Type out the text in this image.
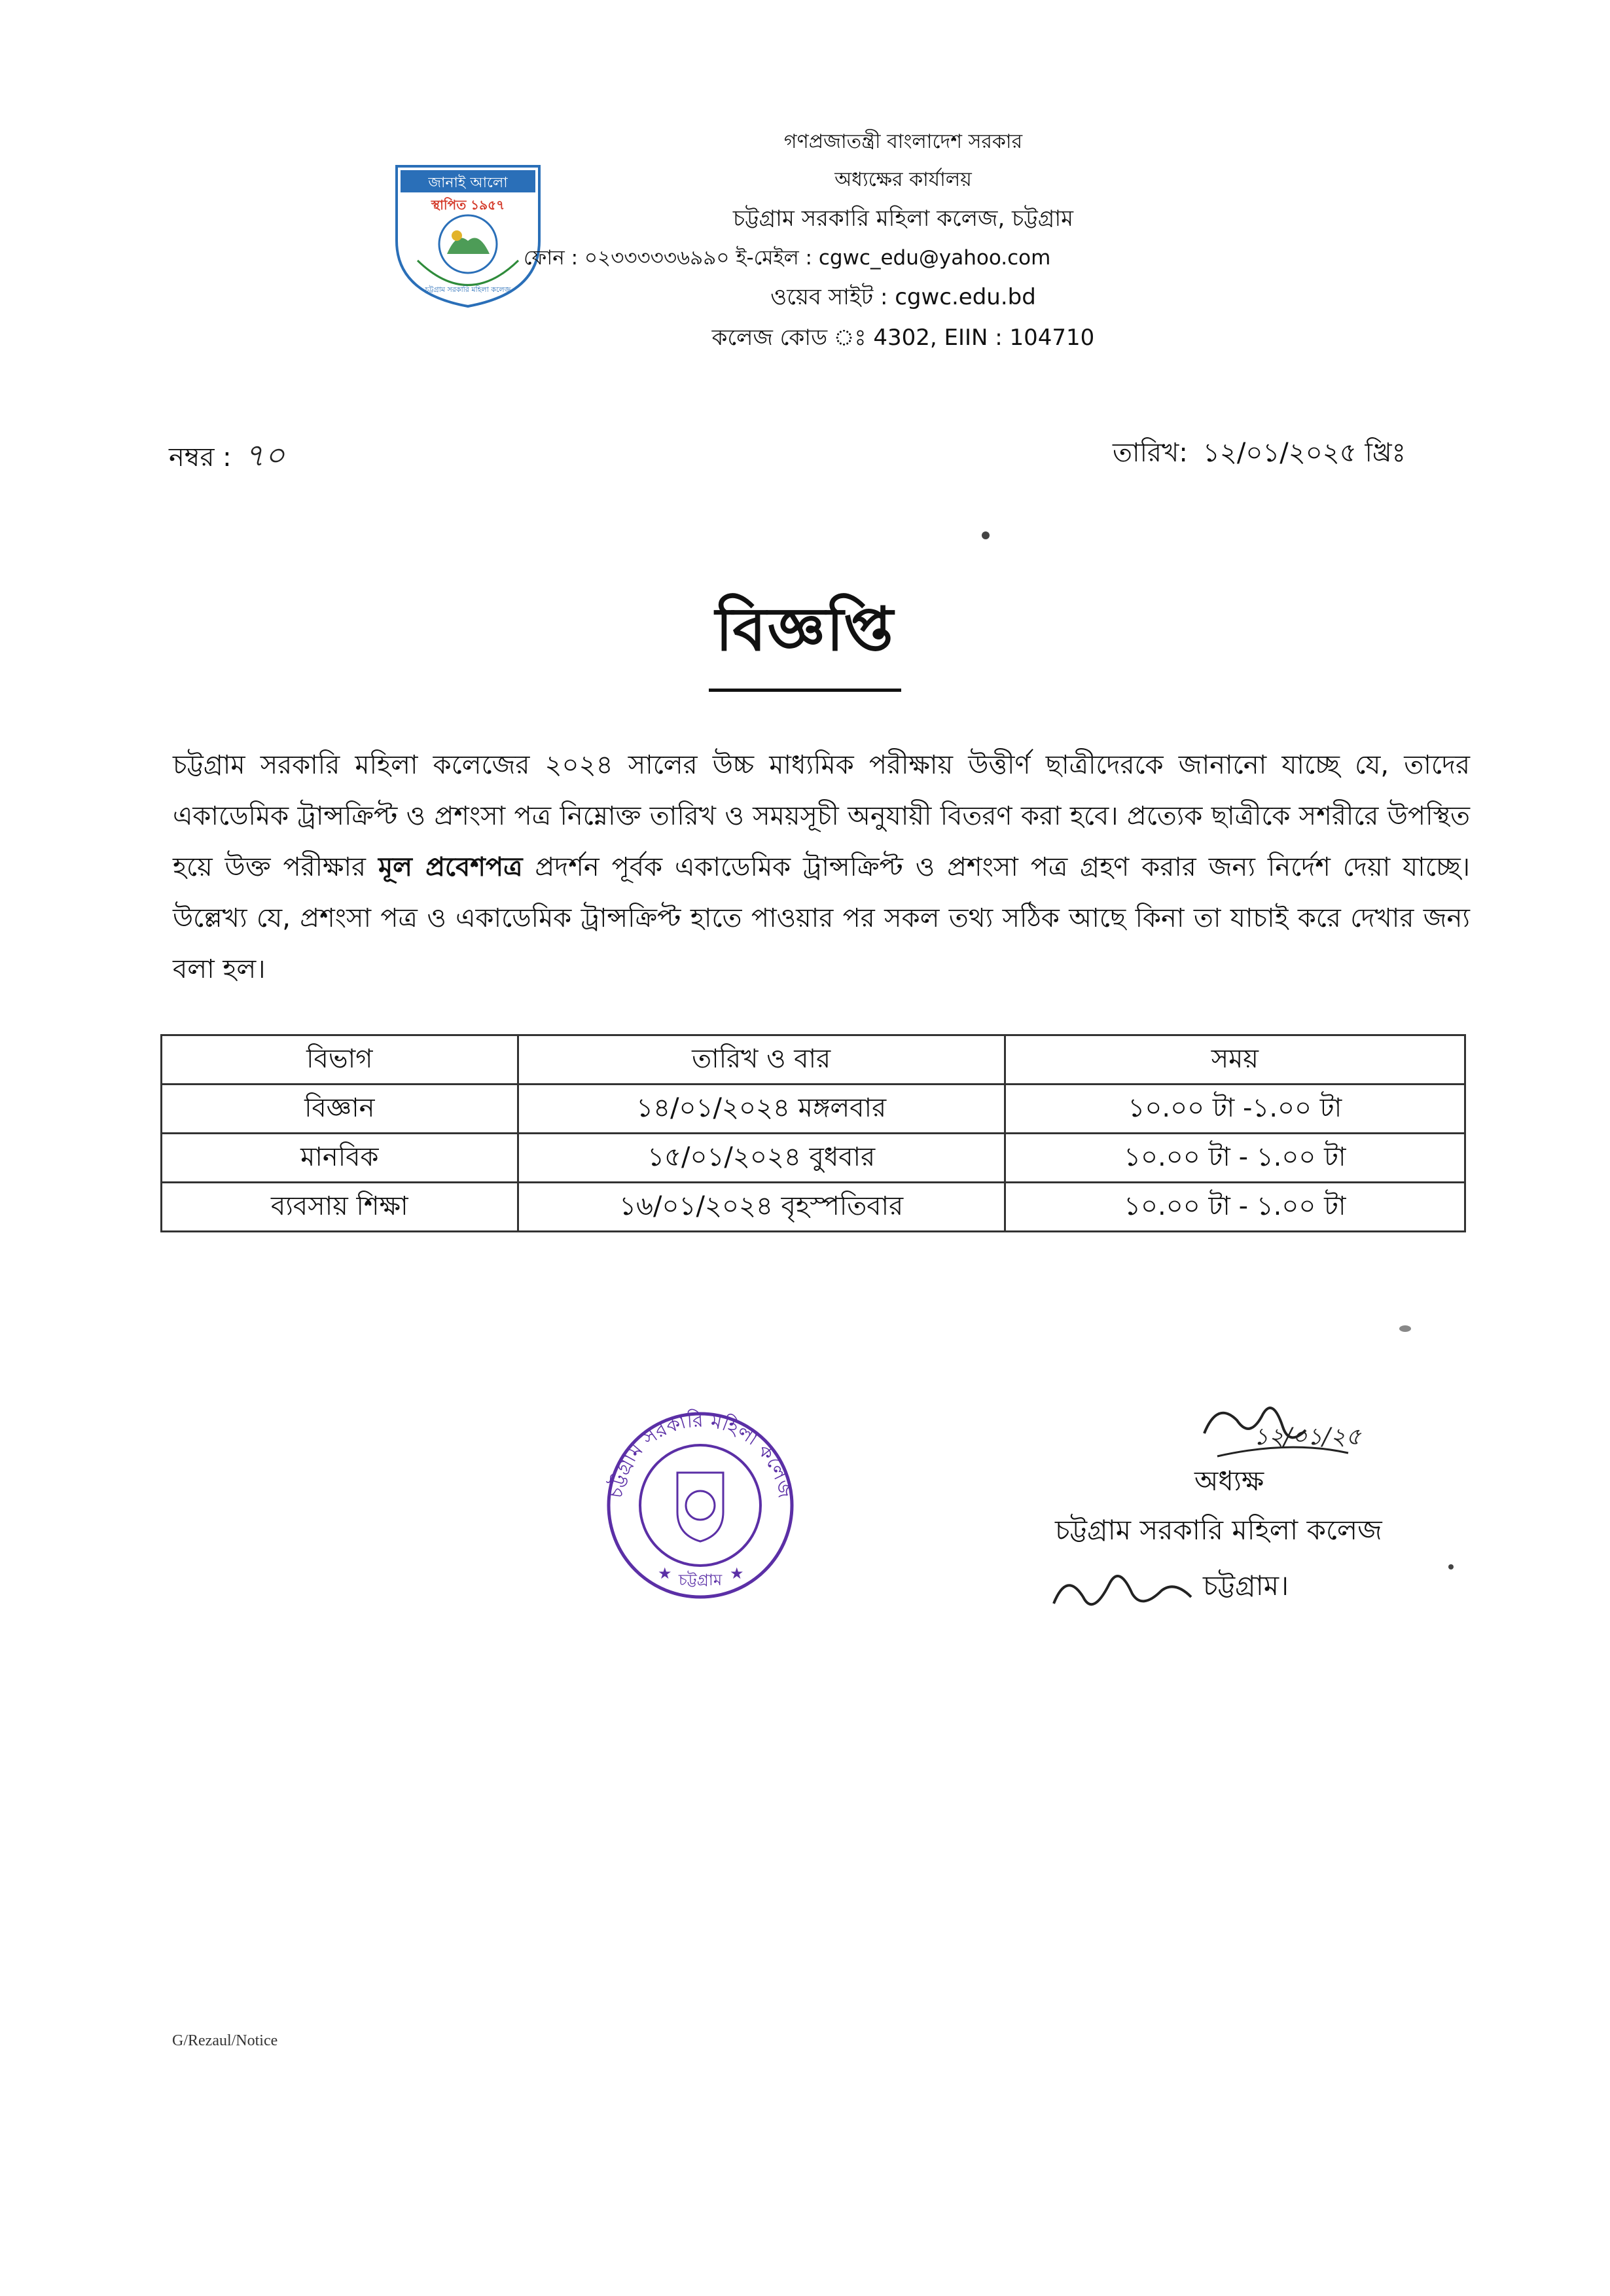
জানাই আলো
স্থাপিত ১৯৫৭
চট্টগ্রাম সরকারি মহিলা কলেজ
গণপ্রজাতন্ত্রী বাংলাদেশ সরকার
অধ্যক্ষের কার্যালয়
চট্টগ্রাম সরকারি মহিলা কলেজ, চট্টগ্রাম
ফোন : ০২৩৩৩৩৩৬৯৯০ ই-মেইল : cgwc_edu@yahoo.com
ওয়েব সাইট : cgwc.edu.bd
কলেজ কোড ঃ 4302, EIIN : 104710
নম্বর : ৭০	তারিখ: ১২/০১/২০২৫ খ্রিঃ
বিজ্ঞপ্তি
চট্টগ্রাম সরকারি মহিলা কলেজের ২০২৪ সালের উচ্চ মাধ্যমিক পরীক্ষায় উত্তীর্ণ ছাত্রীদেরকে জানানো যাচ্ছে যে, তাদের একাডেমিক ট্রান্সক্রিপ্ট ও প্রশংসা পত্র নিম্নোক্ত তারিখ ও সময়সূচী অনুযায়ী বিতরণ করা হবে। প্রত্যেক ছাত্রীকে সশরীরে উপস্থিত হয়ে উক্ত পরীক্ষার মূল প্রবেশপত্র প্রদর্শন পূর্বক একাডেমিক ট্রান্সক্রিপ্ট ও প্রশংসা পত্র গ্রহণ করার জন্য নির্দেশ দেয়া যাচ্ছে। উল্লেখ্য যে, প্রশংসা পত্র ও একাডেমিক ট্রান্সক্রিপ্ট হাতে পাওয়ার পর সকল তথ্য সঠিক আছে কিনা তা যাচাই করে দেখার জন্য বলা হল।
বিভাগ	তারিখ ও বার	সময়
বিজ্ঞান	১৪/০১/২০২৪ মঙ্গলবার	১০.০০ টা -১.০০ টা
মানবিক	১৫/০১/২০২৪ বুধবার	১০.০০ টা - ১.০০ টা
ব্যবসায় শিক্ষা	১৬/০১/২০২৪ বৃহস্পতিবার	১০.০০ টা - ১.০০ টা
চট্টগ্রাম সরকারি মহিলা কলেজ
চট্টগ্রাম
★	★
১২/০১/২৫
অধ্যক্ষ
চট্টগ্রাম সরকারি মহিলা কলেজ
চট্টগ্রাম।
G/Rezaul/Notice
